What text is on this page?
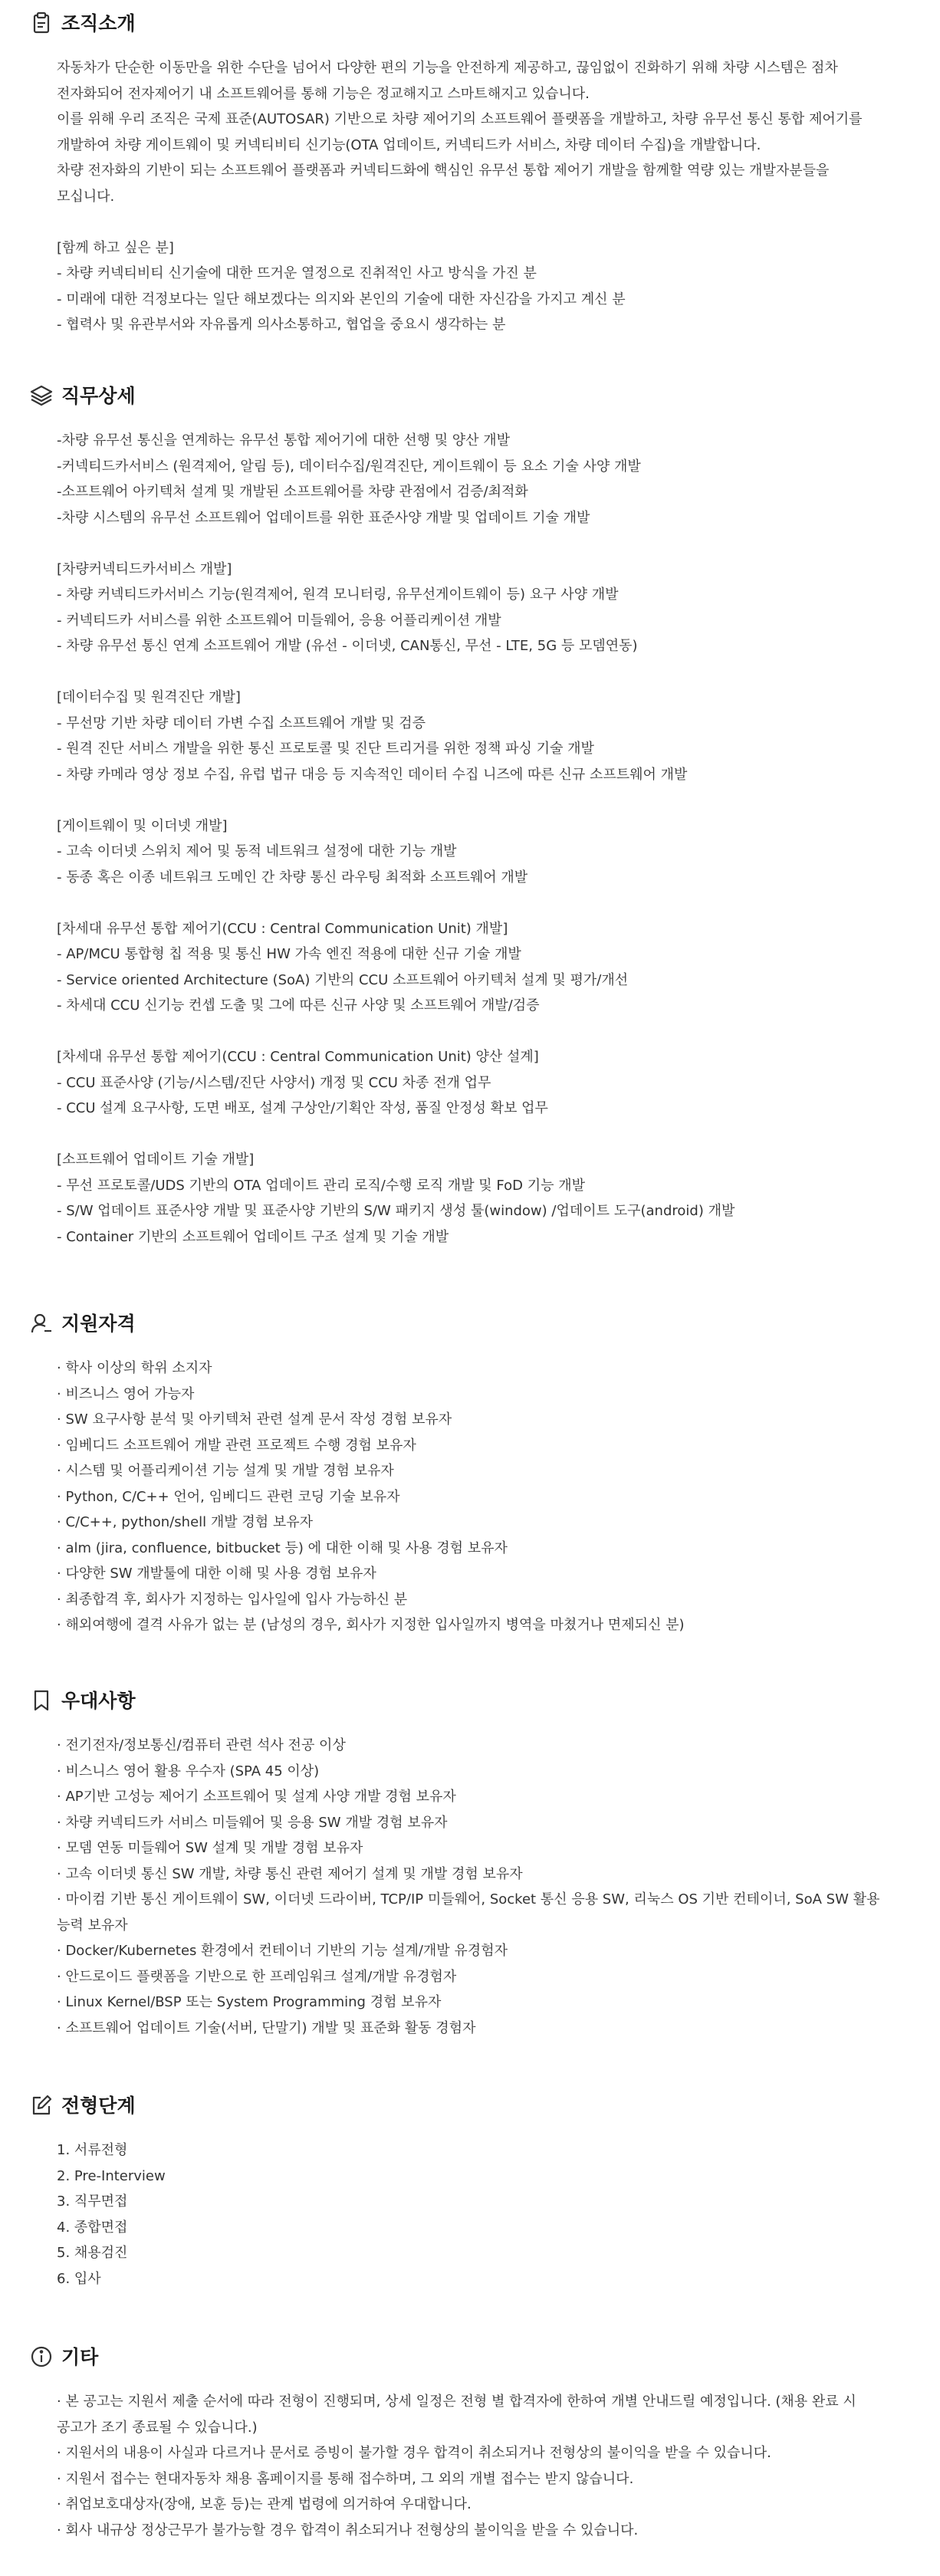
조직소개
자동차가 단순한 이동만을 위한 수단을 넘어서 다양한 편의 기능을 안전하게 제공하고, 끊임없이 진화하기 위해 차량 시스템은 점차
전자화되어 전자제어기 내 소프트웨어를 통해 기능은 정교해지고 스마트해지고 있습니다.
이를 위해 우리 조직은 국제 표준(AUTOSAR) 기반으로 차량 제어기의 소프트웨어 플랫폼을 개발하고, 차량 유무선 통신 통합 제어기를
개발하여 차량 게이트웨이 및 커넥티비티 신기능(OTA 업데이트, 커넥티드카 서비스, 차량 데이터 수집)을 개발합니다.
차량 전자화의 기반이 되는 소프트웨어 플랫폼과 커넥티드화에 핵심인 유무선 통합 제어기 개발을 함께할 역량 있는 개발자분들을
모십니다.
[함께 하고 싶은 분]
- 차량 커넥티비티 신기술에 대한 뜨거운 열정으로 진취적인 사고 방식을 가진 분
- 미래에 대한 걱정보다는 일단 해보겠다는 의지와 본인의 기술에 대한 자신감을 가지고 계신 분
- 협력사 및 유관부서와 자유롭게 의사소통하고, 협업을 중요시 생각하는 분
직무상세
-차량 유무선 통신을 연계하는 유무선 통합 제어기에 대한 선행 및 양산 개발
-커넥티드카서비스 (원격제어, 알림 등), 데이터수집/원격진단, 게이트웨이 등 요소 기술 사양 개발
-소프트웨어 아키텍처 설계 및 개발된 소프트웨어를 차량 관점에서 검증/최적화
-차량 시스템의 유무선 소프트웨어 업데이트를 위한 표준사양 개발 및 업데이트 기술 개발
[차량커넥티드카서비스 개발]
- 차량 커넥티드카서비스 기능(원격제어, 원격 모니터링, 유무선게이트웨이 등) 요구 사양 개발
- 커넥티드카 서비스를 위한 소프트웨어 미들웨어, 응용 어플리케이션 개발
- 차량 유무선 통신 연계 소프트웨어 개발 (유선 - 이더넷, CAN통신, 무선 - LTE, 5G 등 모뎀연동)
[데이터수집 및 원격진단 개발]
- 무선망 기반 차량 데이터 가변 수집 소프트웨어 개발 및 검증
- 원격 진단 서비스 개발을 위한 통신 프로토콜 및 진단 트리거를 위한 정책 파싱 기술 개발
- 차량 카메라 영상 정보 수집, 유럽 법규 대응 등 지속적인 데이터 수집 니즈에 따른 신규 소프트웨어 개발
[게이트웨이 및 이더넷 개발]
- 고속 이더넷 스위치 제어 및 동적 네트워크 설정에 대한 기능 개발
- 동종 혹은 이종 네트워크 도메인 간 차량 통신 라우팅 최적화 소프트웨어 개발
[차세대 유무선 통합 제어기(CCU : Central Communication Unit) 개발]
- AP/MCU 통합형 칩 적용 및 통신 HW 가속 엔진 적용에 대한 신규 기술 개발
- Service oriented Architecture (SoA) 기반의 CCU 소프트웨어 아키텍처 설계 및 평가/개선
- 차세대 CCU 신기능 컨셉 도출 및 그에 따른 신규 사양 및 소프트웨어 개발/검증
[차세대 유무선 통합 제어기(CCU : Central Communication Unit) 양산 설계]
- CCU 표준사양 (기능/시스템/진단 사양서) 개정 및 CCU 차종 전개 업무
- CCU 설계 요구사항, 도면 배포, 설계 구상안/기획안 작성, 품질 안정성 확보 업무
[소프트웨어 업데이트 기술 개발]
- 무선 프로토콜/UDS 기반의 OTA 업데이트 관리 로직/수행 로직 개발 및 FoD 기능 개발
- S/W 업데이트 표준사양 개발 및 표준사양 기반의 S/W 패키지 생성 툴(window) /업데이트 도구(android) 개발
- Container 기반의 소프트웨어 업데이트 구조 설계 및 기술 개발
지원자격
· 학사 이상의 학위 소지자
· 비즈니스 영어 가능자
· SW 요구사항 분석 및 아키텍처 관련 설계 문서 작성 경험 보유자
· 임베디드 소프트웨어 개발 관련 프로젝트 수행 경험 보유자
· 시스템 및 어플리케이션 기능 설계 및 개발 경험 보유자
· Python, C/C++ 언어, 임베디드 관련 코딩 기술 보유자
· C/C++, python/shell 개발 경험 보유자
· alm (jira, confluence, bitbucket 등) 에 대한 이해 및 사용 경험 보유자
· 다양한 SW 개발툴에 대한 이해 및 사용 경험 보유자
· 최종합격 후, 회사가 지정하는 입사일에 입사 가능하신 분
· 해외여행에 결격 사유가 없는 분 (남성의 경우, 회사가 지정한 입사일까지 병역을 마쳤거나 면제되신 분)
우대사항
· 전기전자/정보통신/컴퓨터 관련 석사 전공 이상
· 비스니스 영어 활용 우수자 (SPA 45 이상)
· AP기반 고성능 제어기 소프트웨어 및 설계 사양 개발 경험 보유자
· 차량 커넥티드카 서비스 미들웨어 및 응용 SW 개발 경험 보유자
· 모뎀 연동 미들웨어 SW 설계 및 개발 경험 보유자
· 고속 이더넷 통신 SW 개발, 차량 통신 관련 제어기 설계 및 개발 경험 보유자
· 마이컴 기반 통신 게이트웨이 SW, 이더넷 드라이버, TCP/IP 미들웨어, Socket 통신 응용 SW, 리눅스 OS 기반 컨테이너, SoA SW 활용
능력 보유자
· Docker/Kubernetes 환경에서 컨테이너 기반의 기능 설계/개발 유경험자
· 안드로이드 플랫폼을 기반으로 한 프레임워크 설계/개발 유경험자
· Linux Kernel/BSP 또는 System Programming 경험 보유자
· 소프트웨어 업데이트 기술(서버, 단말기) 개발 및 표준화 활동 경험자
전형단계
1. 서류전형
2. Pre-Interview
3. 직무면접
4. 종합면접
5. 채용검진
6. 입사
기타
· 본 공고는 지원서 제출 순서에 따라 전형이 진행되며, 상세 일정은 전형 별 합격자에 한하여 개별 안내드릴 예정입니다. (채용 완료 시
공고가 조기 종료될 수 있습니다.)
· 지원서의 내용이 사실과 다르거나 문서로 증빙이 불가할 경우 합격이 취소되거나 전형상의 불이익을 받을 수 있습니다.
· 지원서 접수는 현대자동차 채용 홈페이지를 통해 접수하며, 그 외의 개별 접수는 받지 않습니다.
· 취업보호대상자(장애, 보훈 등)는 관계 법령에 의거하여 우대합니다.
· 회사 내규상 정상근무가 불가능할 경우 합격이 취소되거나 전형상의 불이익을 받을 수 있습니다.
